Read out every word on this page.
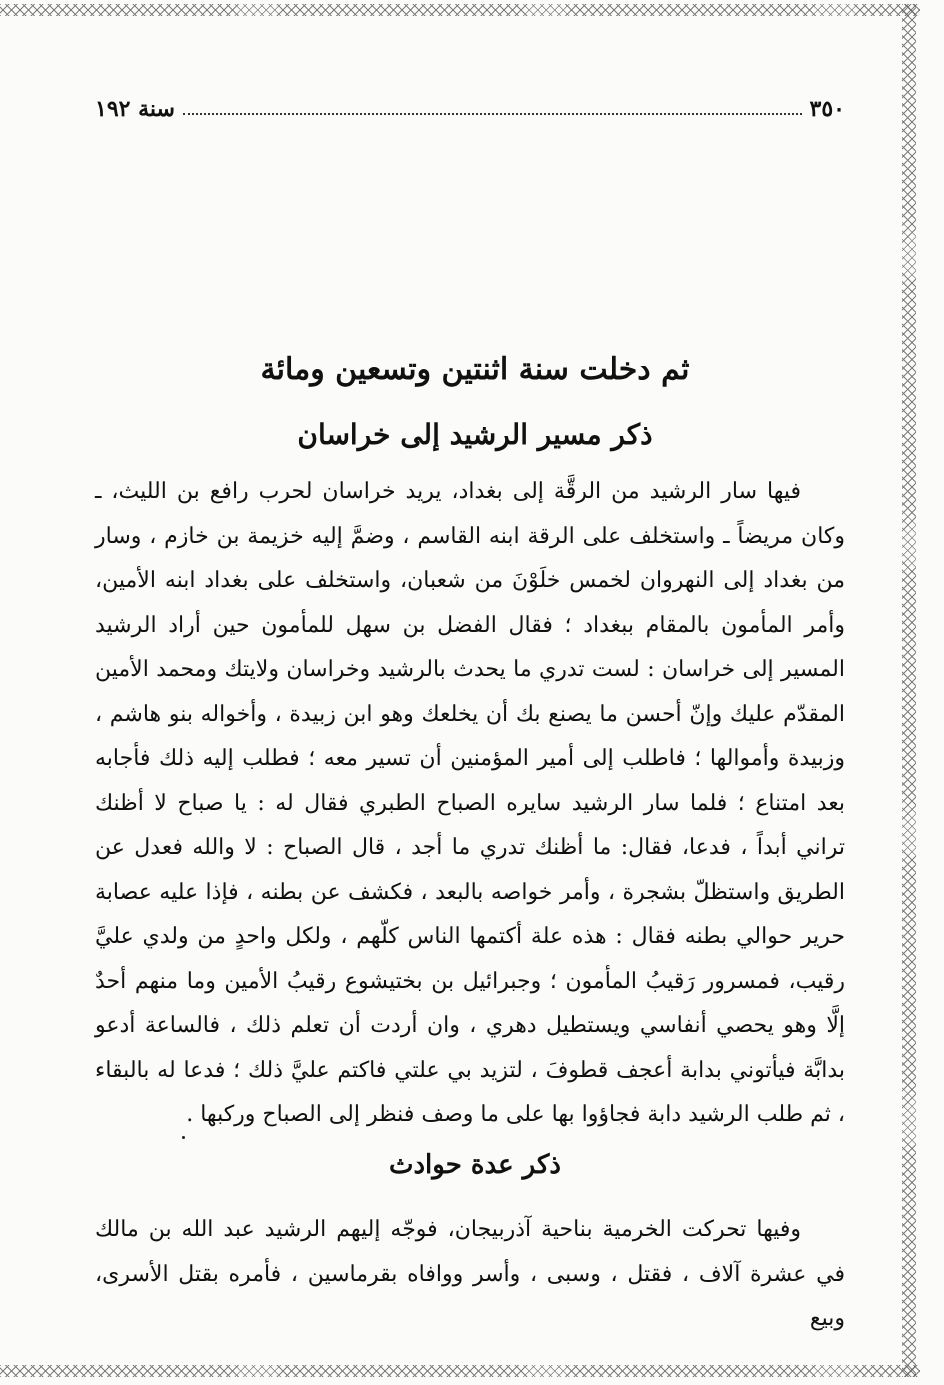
٣٥٠
سنة ١٩٢
ثم دخلت سنة اثنتين وتسعين ومائة
ذكر مسير الرشيد إلى خراسان

فيها سار الرشيد من الرقَّة إلى بغداد، يريد خراسان لحرب رافع بن الليث، ـ وكان مريضاً ـ واستخلف على الرقة ابنه القاسم ، وضمَّ إليه خزيمة بن خازم ، وسار من بغداد إلى النهروان لخمس خلَوْنَ من شعبان، واستخلف على بغداد ابنه الأمين، وأمر المأمون بالمقام ببغداد ؛ فقال الفضل بن سهل للمأمون حين أراد الرشيد المسير إلى خراسان : لست تدري ما يحدث بالرشيد وخراسان ولايتك ومحمد الأمين المقدّم عليك وإنّ أحسن ما يصنع بك أن يخلعك وهو ابن زبيدة ، وأخواله بنو هاشم ، وزبيدة وأموالها ؛ فاطلب إلى أمير المؤمنين أن تسير معه ؛ فطلب إليه ذلك فأجابه بعد امتناع ؛ فلما سار الرشيد سايره الصباح الطبري فقال له : يا صباح لا أظنك تراني أبداً ، فدعا، فقال: ما أظنك تدري ما أجد ، قال الصباح : لا والله فعدل عن الطريق واستظلّ بشجرة ، وأمر خواصه بالبعد ، فكشف عن بطنه ، فإذا عليه عصابة حرير حوالي بطنه فقال : هذه علة أكتمها الناس كلّهم ، ولكل واحدٍ من ولدي عليَّ رقيب، فمسرور رَقيبُ المأمون ؛ وجبرائيل بن بختيشوع رقيبُ الأمين وما منهم أحدٌ إلَّا وهو يحصي أنفاسي ويستطيل دهري ، وان أردت أن تعلم ذلك ، فالساعة أدعو بدابَّة فيأتوني بدابة أعجف قطوفَ ، لتزيد بي علتي فاكتم عليَّ ذلك ؛ فدعا له بالبقاء ، ثم طلب الرشيد دابة فجاؤوا بها على ما وصف فنظر إلى الصباح وركبها .

ذكر عدة حوادث

وفيها تحركت الخرمية بناحية آذربيجان، فوجّه إليهم الرشيد عبد الله بن مالك في عشرة آلاف ، فقتل ، وسبى ، وأسر ووافاه بقرماسين ، فأمره بقتل الأسرى، وبيع
